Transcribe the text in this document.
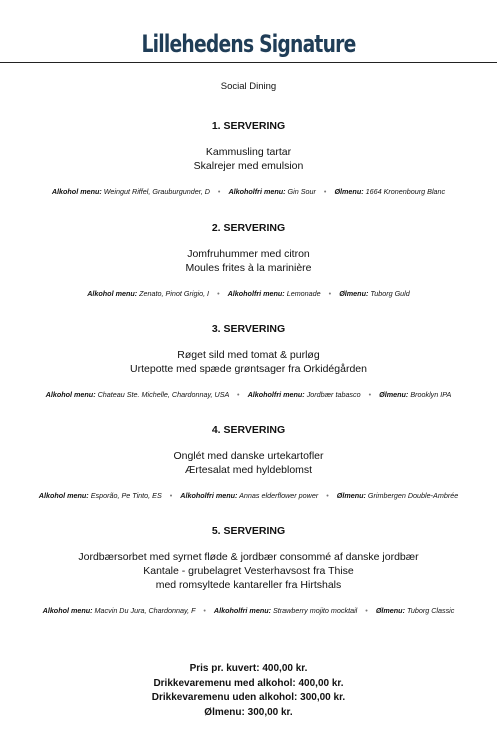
Lillehedens Signature
Social Dining
1. SERVERING
Kammusling tartar
Skalrejer med emulsion
Alkohol menu: Weingut Riffel, Grauburgunder, D • Alkoholfri menu: Gin Sour • Ølmenu: 1664 Kronenbourg Blanc
2. SERVERING
Jomfruhummer med citron
Moules frites à la marinière
Alkohol menu: Zenato, Pinot Grigio, I • Alkoholfri menu: Lemonade • Ølmenu: Tuborg Guld
3. SERVERING
Røget sild med tomat & purløg
Urtepotte med spæde grøntsager fra Orkidégården
Alkohol menu: Chateau Ste. Michelle, Chardonnay, USA • Alkoholfri menu: Jordbær tabasco • Ølmenu: Brooklyn IPA
4. SERVERING
Onglét med danske urtekartofler
Ærtesalat med hyldeblomst
Alkohol menu: Esporão, Pe Tinto, ES • Alkoholfri menu: Annas elderflower power • Ølmenu: Grimbergen Double-Ambrée
5. SERVERING
Jordbærsorbet med syrnet fløde & jordbær consommé af danske jordbær
Kantale - grubelagret Vesterhavsost fra Thise
med romsyltede kantareller fra Hirtshals
Alkohol menu: Macvin Du Jura, Chardonnay, F • Alkoholfri menu: Strawberry mojito mocktail • Ølmenu: Tuborg Classic
Pris pr. kuvert: 400,00 kr.
Drikkevaremenu med alkohol: 400,00 kr.
Drikkevaremenu uden alkohol: 300,00 kr.
Ølmenu: 300,00 kr.
